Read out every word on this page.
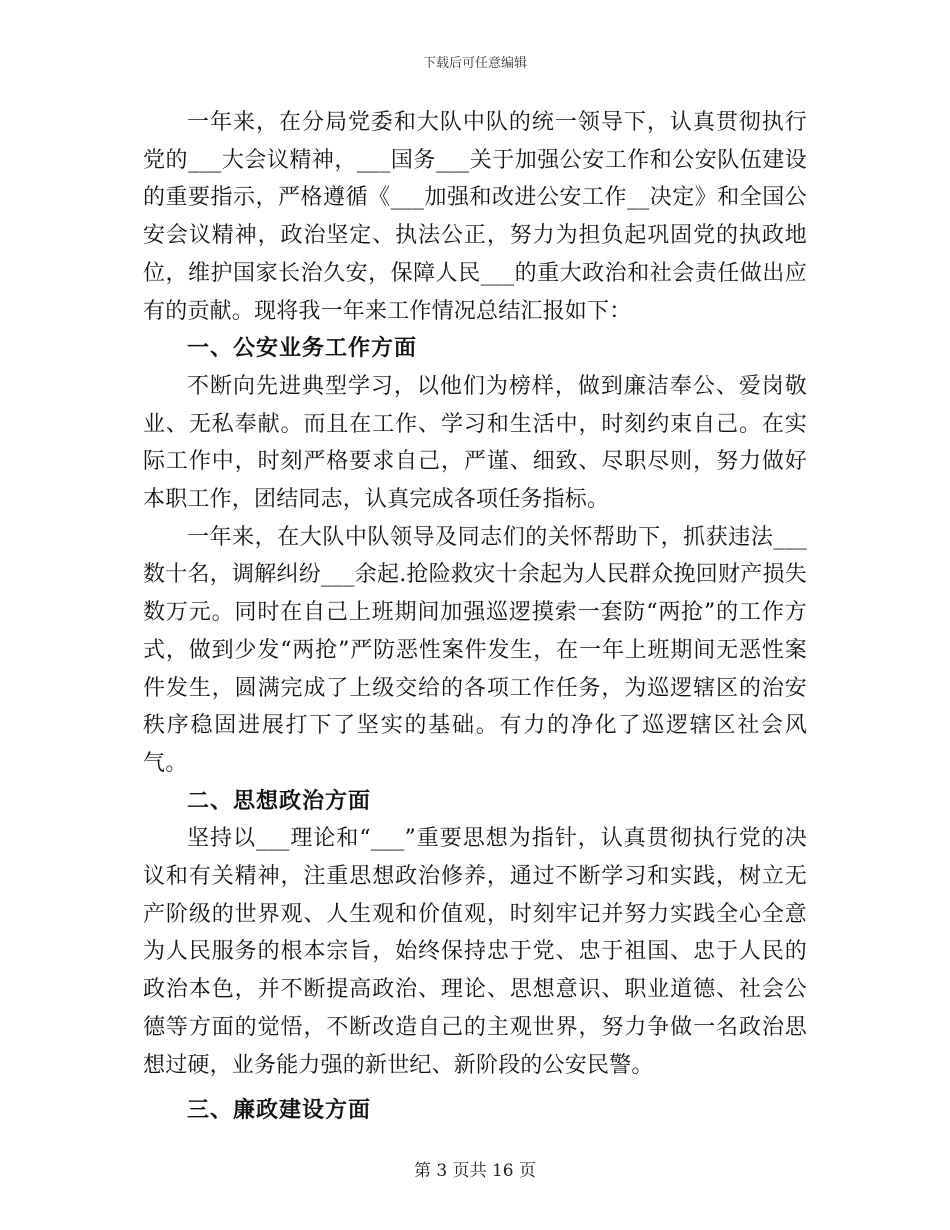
下载后可任意编辑

一年来，在分局党委和大队中队的统一领导下，认真贯彻执行党的___大会议精神，___国务___关于加强公安工作和公安队伍建设的重要指示，严格遵循《___加强和改进公安工作__决定》和全国公安会议精神，政治坚定、执法公正，努力为担负起巩固党的执政地位，维护国家长治久安，保障人民___的重大政治和社会责任做出应有的贡献。现将我一年来工作情况总结汇报如下：

一、公安业务工作方面

不断向先进典型学习，以他们为榜样，做到廉洁奉公、爱岗敬业、无私奉献。而且在工作、学习和生活中，时刻约束自己。在实际工作中，时刻严格要求自己，严谨、细致、尽职尽则，努力做好本职工作，团结同志，认真完成各项任务指标。

一年来，在大队中队领导及同志们的关怀帮助下，抓获违法___数十名，调解纠纷___余起.抢险救灾十余起为人民群众挽回财产损失数万元。同时在自己上班期间加强巡逻摸索一套防“两抢”的工作方式，做到少发“两抢”严防恶性案件发生，在一年上班期间无恶性案件发生，圆满完成了上级交给的各项工作任务，为巡逻辖区的治安秩序稳固进展打下了坚实的基础。有力的净化了巡逻辖区社会风气。

二、思想政治方面

坚持以___理论和“___”重要思想为指针，认真贯彻执行党的决议和有关精神，注重思想政治修养，通过不断学习和实践，树立无产阶级的世界观、人生观和价值观，时刻牢记并努力实践全心全意为人民服务的根本宗旨，始终保持忠于党、忠于祖国、忠于人民的政治本色，并不断提高政治、理论、思想意识、职业道德、社会公德等方面的觉悟，不断改造自己的主观世界，努力争做一名政治思想过硬，业务能力强的新世纪、新阶段的公安民警。

三、廉政建设方面
第 3 页共 16 页
